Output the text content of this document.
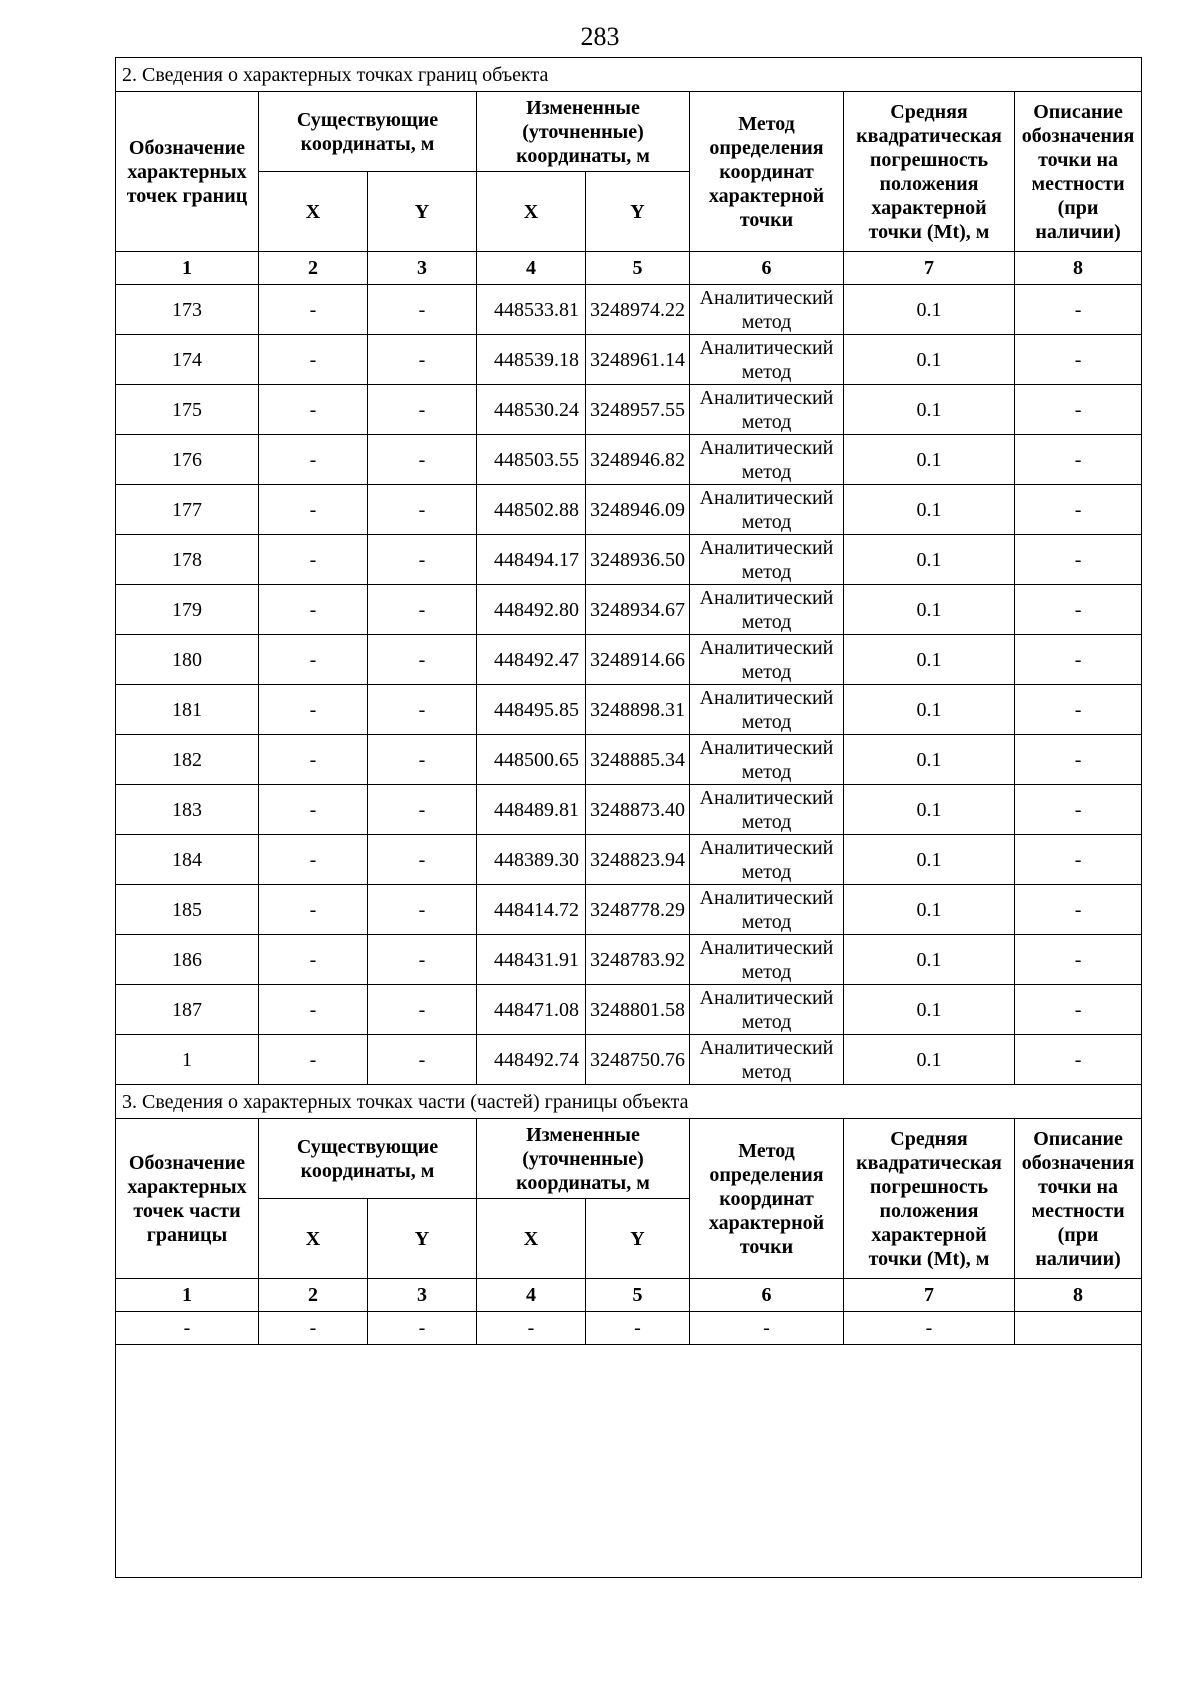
283
2. Сведения о характерных точках границ объекта							
Обозначение характерных точек границ	Существующие координаты, м		Измененные (уточненные) координаты, м		Метод определения координат характерной точки	Средняя квадратическая погрешность положения характерной точки (Mt), м	Описание обозначения точки на местности (при наличии)
	X	Y	X	Y			
1	2	3	4	5	6	7	8
173	-	-	448533.81	3248974.22	Аналитический метод	0.1	-
174	-	-	448539.18	3248961.14	Аналитический метод	0.1	-
175	-	-	448530.24	3248957.55	Аналитический метод	0.1	-
176	-	-	448503.55	3248946.82	Аналитический метод	0.1	-
177	-	-	448502.88	3248946.09	Аналитический метод	0.1	-
178	-	-	448494.17	3248936.50	Аналитический метод	0.1	-
179	-	-	448492.80	3248934.67	Аналитический метод	0.1	-
180	-	-	448492.47	3248914.66	Аналитический метод	0.1	-
181	-	-	448495.85	3248898.31	Аналитический метод	0.1	-
182	-	-	448500.65	3248885.34	Аналитический метод	0.1	-
183	-	-	448489.81	3248873.40	Аналитический метод	0.1	-
184	-	-	448389.30	3248823.94	Аналитический метод	0.1	-
185	-	-	448414.72	3248778.29	Аналитический метод	0.1	-
186	-	-	448431.91	3248783.92	Аналитический метод	0.1	-
187	-	-	448471.08	3248801.58	Аналитический метод	0.1	-
1	-	-	448492.74	3248750.76	Аналитический метод	0.1	-
3. Сведения о характерных точках части (частей) границы объекта							
Обозначение характерных точек части границы	Существующие координаты, м		Измененные (уточненные) координаты, м		Метод определения координат характерной точки	Средняя квадратическая погрешность положения характерной точки (Mt), м	Описание обозначения точки на местности (при наличии)
	X	Y	X	Y			
1	2	3	4	5	6	7	8
-	-	-	-	-	-	-	
